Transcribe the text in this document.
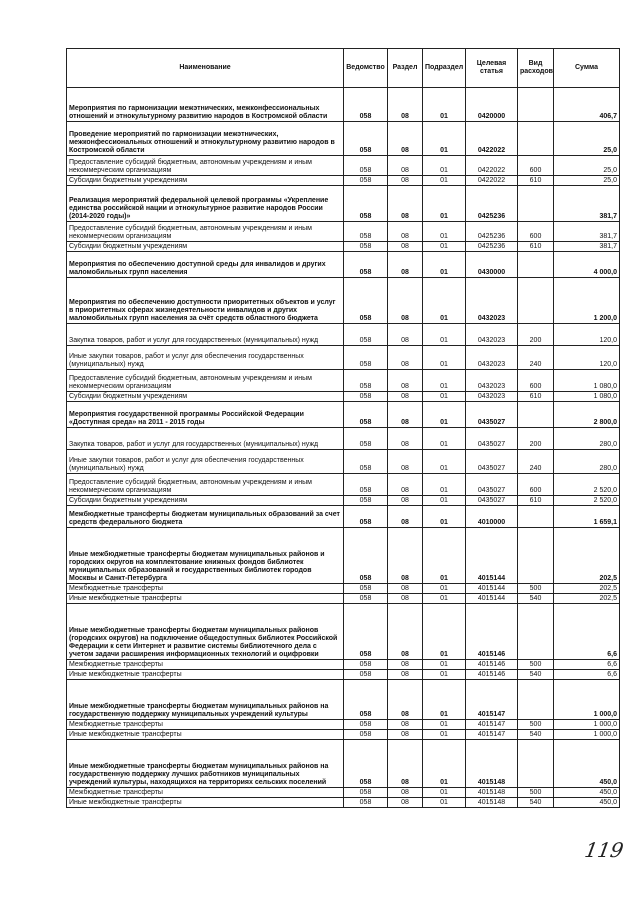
Наименование	Ведомство	Раздел	Подраздел	Целевая статья	Вид расходов	Сумма
Мероприятия по гармонизации межэтнических, межконфессиональных отношений и этнокультурному развитию народов в Костромской области	058	08	01	0420000		406,7
Проведение мероприятий по гармонизации межэтнических, межконфессиональных отношений и этнокультурному развитию народов в Костромской области	058	08	01	0422022		25,0
Предоставление субсидий бюджетным, автономным учреждениям и иным некоммерческим организациям	058	08	01	0422022	600	25,0
Субсидии бюджетным учреждениям	058	08	01	0422022	610	25,0
Реализация мероприятий федеральной целевой программы «Укрепление единства российской нации и этнокультурное развитие народов России (2014-2020 годы)»	058	08	01	0425236		381,7
Предоставление субсидий бюджетным, автономным учреждениям и иным некоммерческим организациям	058	08	01	0425236	600	381,7
Субсидии бюджетным учреждениям	058	08	01	0425236	610	381,7
Мероприятия по обеспечению доступной среды для инвалидов и других маломобильных групп населения	058	08	01	0430000		4 000,0
Мероприятия по обеспечению доступности приоритетных объектов и услуг в приоритетных сферах жизнедеятельности инвалидов и других маломобильных групп населения за счёт средств областного бюджета	058	08	01	0432023		1 200,0
Закупка товаров, работ и услуг для государственных (муниципальных) нужд	058	08	01	0432023	200	120,0
Иные закупки товаров, работ и услуг для обеспечения государственных (муниципальных) нужд	058	08	01	0432023	240	120,0
Предоставление субсидий бюджетным, автономным учреждениям и иным некоммерческим организациям	058	08	01	0432023	600	1 080,0
Субсидии бюджетным учреждениям	058	08	01	0432023	610	1 080,0
Мероприятия государственной программы Российской Федерации «Доступная среда» на 2011 - 2015 годы	058	08	01	0435027		2 800,0
Закупка товаров, работ и услуг для государственных (муниципальных) нужд	058	08	01	0435027	200	280,0
Иные закупки товаров, работ и услуг для обеспечения государственных (муниципальных) нужд	058	08	01	0435027	240	280,0
Предоставление субсидий бюджетным, автономным учреждениям и иным некоммерческим организациям	058	08	01	0435027	600	2 520,0
Субсидии бюджетным учреждениям	058	08	01	0435027	610	2 520,0
Межбюджетные трансферты бюджетам муниципальных образований за счет средств федерального бюджета	058	08	01	4010000		1 659,1
Иные межбюджетные трансферты бюджетам муниципальных районов и городских округов на комплектование книжных фондов библиотек муниципальных образований и государственных библиотек городов Москвы и Санкт-Петербурга	058	08	01	4015144		202,5
Межбюджетные трансферты	058	08	01	4015144	500	202,5
Иные межбюджетные трансферты	058	08	01	4015144	540	202,5
Иные межбюджетные трансферты бюджетам муниципальных районов (городских округов) на подключение общедоступных библиотек Российской Федерации к сети Интернет и развитие системы библиотечного дела с учетом задачи расширения информационных технологий и оцифровки	058	08	01	4015146		6,6
Межбюджетные трансферты	058	08	01	4015146	500	6,6
Иные межбюджетные трансферты	058	08	01	4015146	540	6,6
Иные межбюджетные трансферты бюджетам муниципальных районов на государственную поддержку муниципальных учреждений культуры	058	08	01	4015147		1 000,0
Межбюджетные трансферты	058	08	01	4015147	500	1 000,0
Иные межбюджетные трансферты	058	08	01	4015147	540	1 000,0
Иные межбюджетные трансферты бюджетам муниципальных районов на государственную поддержку лучших работников муниципальных учреждений культуры, находящихся на территориях сельских поселений	058	08	01	4015148		450,0
Межбюджетные трансферты	058	08	01	4015148	500	450,0
Иные межбюджетные трансферты	058	08	01	4015148	540	450,0
119
